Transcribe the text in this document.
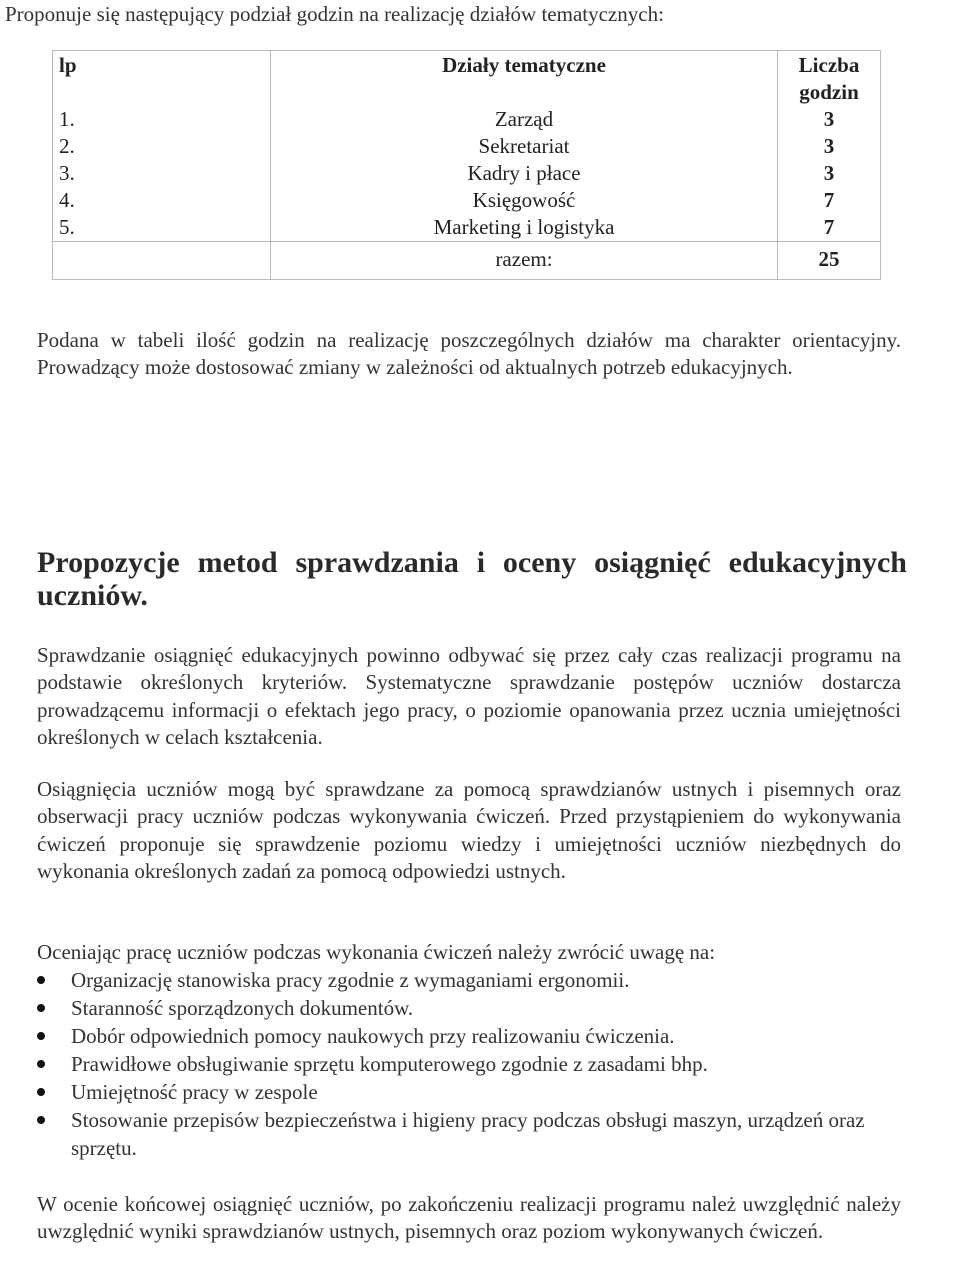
Proponuje się następujący podział godzin na realizację działów tematycznych:
lp	Działy tematyczne	Liczba
godzin
1.	Zarząd	3
2.	Sekretariat	3
3.	Kadry i płace	3
4.	Księgowość	7
5.	Marketing i logistyka	7
	razem:	25

Podana w tabeli ilość godzin na realizację poszczególnych działów ma charakter orientacyjny. Prowadzący może dostosować zmiany w zależności od aktualnych potrzeb edukacyjnych.

Propozycje metod sprawdzania i oceny osiągnięć edukacyjnych uczniów.

Sprawdzanie osiągnięć edukacyjnych powinno odbywać się przez cały czas realizacji programu na podstawie określonych kryteriów. Systematyczne sprawdzanie postępów uczniów dostarcza prowadzącemu informacji o efektach jego pracy, o poziomie opanowania przez ucznia umiejętności określonych w celach kształcenia.

Osiągnięcia uczniów mogą być sprawdzane za pomocą sprawdzianów ustnych i pisemnych oraz obserwacji pracy uczniów podczas wykonywania ćwiczeń. Przed przystąpieniem do wykonywania ćwiczeń proponuje się sprawdzenie poziomu wiedzy i umiejętności uczniów niezbędnych do wykonania określonych zadań za pomocą odpowiedzi ustnych.

Oceniając pracę uczniów podczas wykonania ćwiczeń należy zwrócić uwagę na:

Organizację stanowiska pracy zgodnie z wymaganiami ergonomii.
Staranność sporządzonych dokumentów.
Dobór odpowiednich pomocy naukowych przy realizowaniu ćwiczenia.
Prawidłowe obsługiwanie sprzętu komputerowego zgodnie z zasadami bhp.
Umiejętność pracy w zespole
Stosowanie przepisów bezpieczeństwa i higieny pracy podczas obsługi maszyn, urządzeń oraz sprzętu.

W ocenie końcowej osiągnięć uczniów, po zakończeniu realizacji programu należ uwzględnić należy uwzględnić wyniki sprawdzianów ustnych, pisemnych oraz poziom wykonywanych ćwiczeń.
